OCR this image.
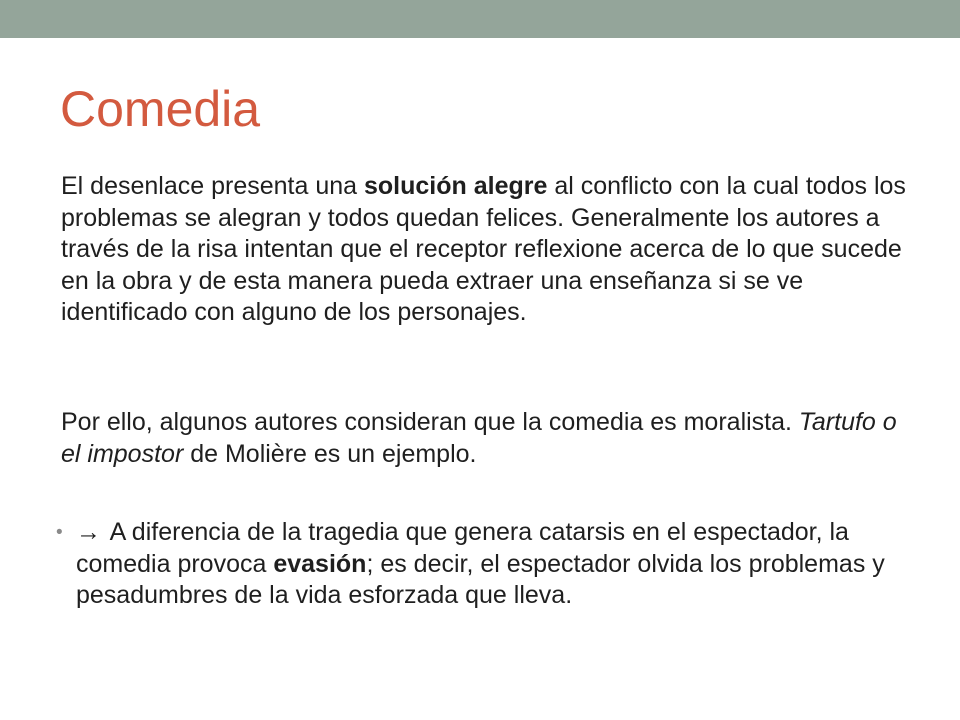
Comedia

El desenlace presenta una solución alegre al conflicto con la cual todos los problemas se alegran y todos quedan felices. Generalmente los autores a través de la risa intentan que el receptor reflexione acerca de lo que sucede en la obra y de esta manera pueda extraer una enseñanza si se ve identificado con alguno de los personajes.

Por ello, algunos autores consideran que la comedia es moralista. Tartufo o el impostor de Molière es un ejemplo.

• → A diferencia de la tragedia que genera catarsis en el espectador, la comedia provoca evasión; es decir, el espectador olvida los problemas y pesadumbres de la vida esforzada que lleva.
